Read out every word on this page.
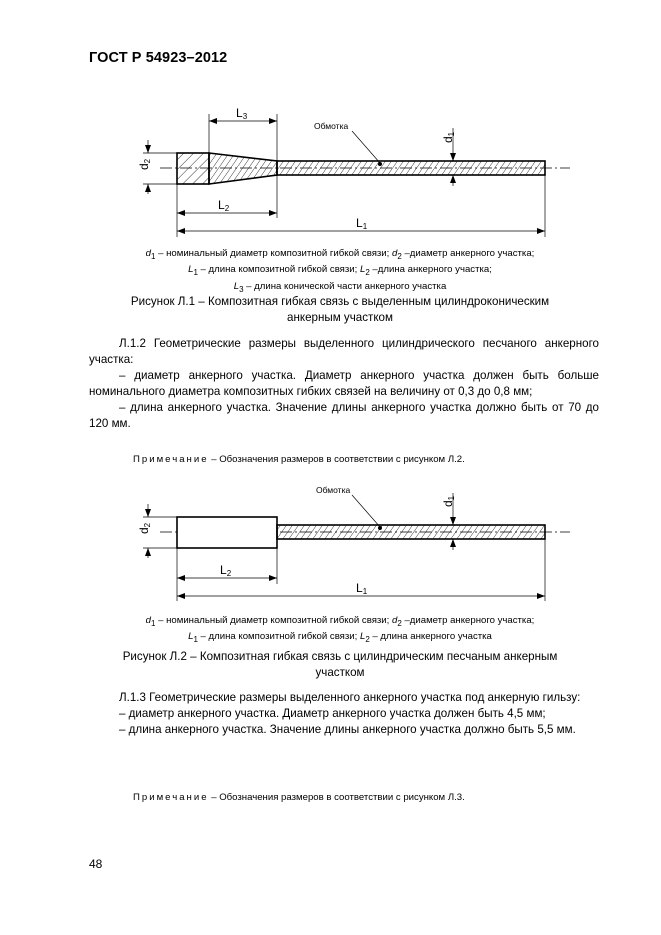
ГОСТ Р 54923–2012
d2
L3
L2
L1
d1
Обмотка
$d_1$ – номинальный диаметр композитной гибкой связи; $d_2$ –диаметр анкерного участка;
$L_1$ – длина композитной гибкой связи; $L_2$ –длина анкерного участка;
$L_3$ – длина конической части анкерного участка
Рисунок Л.1 – Композитная гибкая связь с выделенным цилиндроконическим
анкерным участком

Л.1.2 Геометрические размеры выделенного цилиндрического песчаного анкерного участка:

– диаметр анкерного участка. Диаметр анкерного участка должен быть больше номинального диаметра композитных гибких связей на величину от 0,3 до 0,8 мм;

– длина анкерного участка. Значение длины анкерного участка должно быть от 70 до 120 мм.

Примечание – Обозначения размеров в соответствии с рисунком Л.2.
d2
L2
L1
d1
Обмотка
$d_1$ – номинальный диаметр композитной гибкой связи; $d_2$ –диаметр анкерного участка;
$L_1$ – длина композитной гибкой связи; $L_2$ – длина анкерного участка
Рисунок Л.2 – Композитная гибкая связь с цилиндрическим песчаным анкерным
участком

Л.1.3 Геометрические размеры выделенного анкерного участка под анкерную гильзу:

– диаметр анкерного участка. Диаметр анкерного участка должен быть 4,5 мм;

– длина анкерного участка. Значение длины анкерного участка должно быть 5,5 мм.

Примечание – Обозначения размеров в соответствии с рисунком Л.3.
48
